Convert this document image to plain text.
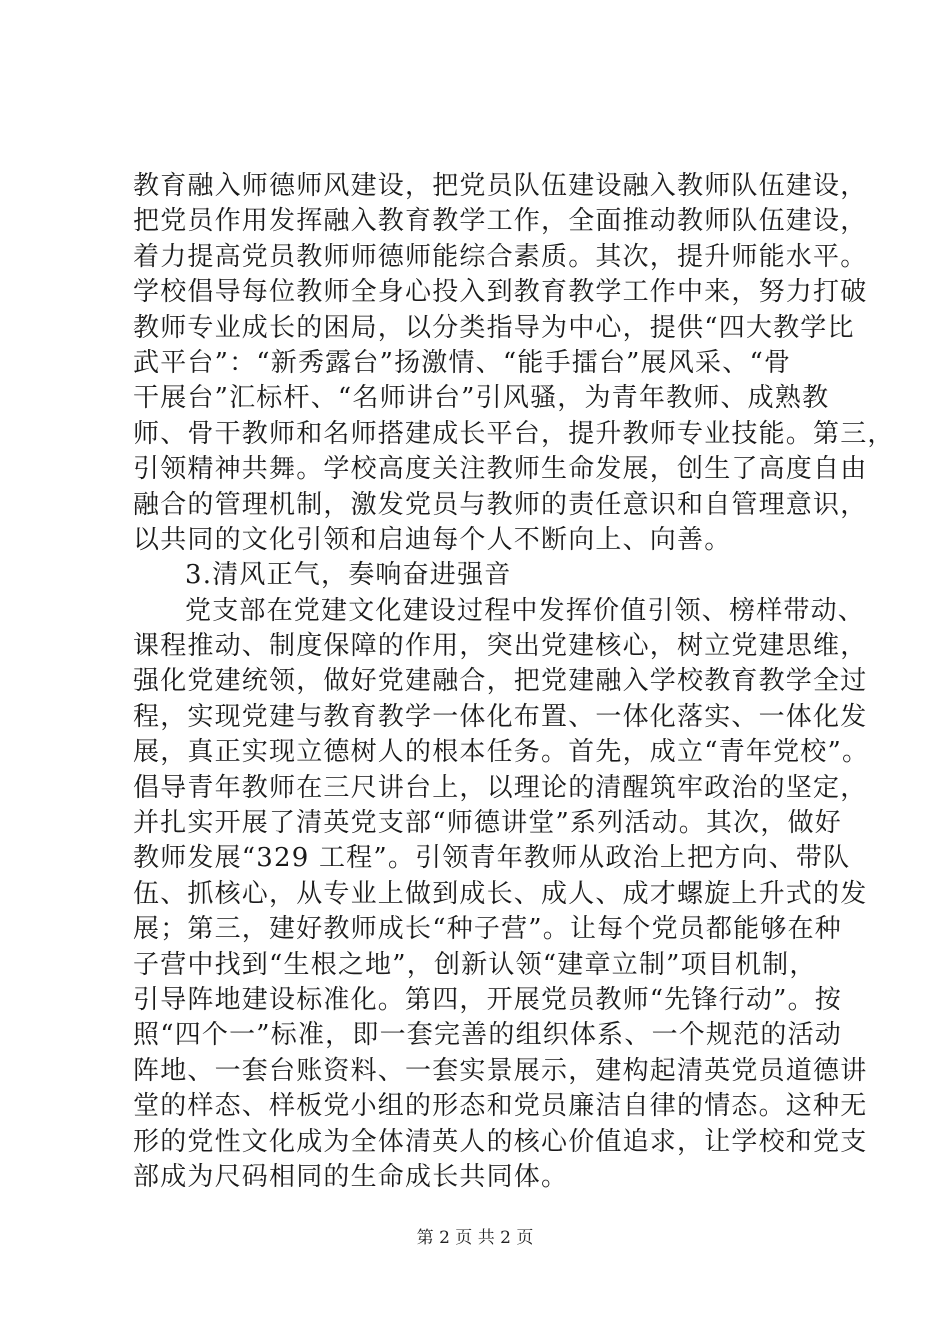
教育融入师德师风建设，把党员队伍建设融入教师队伍建设，
把党员作用发挥融入教育教学工作，全面推动教师队伍建设，
着力提高党员教师师德师能综合素质。其次，提升师能水平。
学校倡导每位教师全身心投入到教育教学工作中来，努力打破
教师专业成长的困局，以分类指导为中心，提供“四大教学比
武平台”：“新秀露台”扬激情、“能手擂台”展风采、“骨
干展台”汇标杆、“名师讲台”引风骚，为青年教师、成熟教
师、骨干教师和名师搭建成长平台，提升教师专业技能。第三，
引领精神共舞。学校高度关注教师生命发展，创生了高度自由
融合的管理机制，激发党员与教师的责任意识和自管理意识，
以共同的文化引领和启迪每个人不断向上、向善。
3.清风正气，奏响奋进强音
党支部在党建文化建设过程中发挥价值引领、榜样带动、
课程推动、制度保障的作用，突出党建核心，树立党建思维，
强化党建统领，做好党建融合，把党建融入学校教育教学全过
程，实现党建与教育教学一体化布置、一体化落实、一体化发
展，真正实现立德树人的根本任务。首先，成立“青年党校”。
倡导青年教师在三尺讲台上，以理论的清醒筑牢政治的坚定，
并扎实开展了清英党支部“师德讲堂”系列活动。其次，做好
教师发展“329 工程”。引领青年教师从政治上把方向、带队
伍、抓核心，从专业上做到成长、成人、成才螺旋上升式的发
展；第三，建好教师成长“种子营”。让每个党员都能够在种
子营中找到“生根之地”，创新认领“建章立制”项目机制，
引导阵地建设标准化。第四，开展党员教师“先锋行动”。按
照“四个一”标准，即一套完善的组织体系、一个规范的活动
阵地、一套台账资料、一套实景展示，建构起清英党员道德讲
堂的样态、样板党小组的形态和党员廉洁自律的情态。这种无
形的党性文化成为全体清英人的核心价值追求，让学校和党支
部成为尺码相同的生命成长共同体。
第 2 页 共 2 页
